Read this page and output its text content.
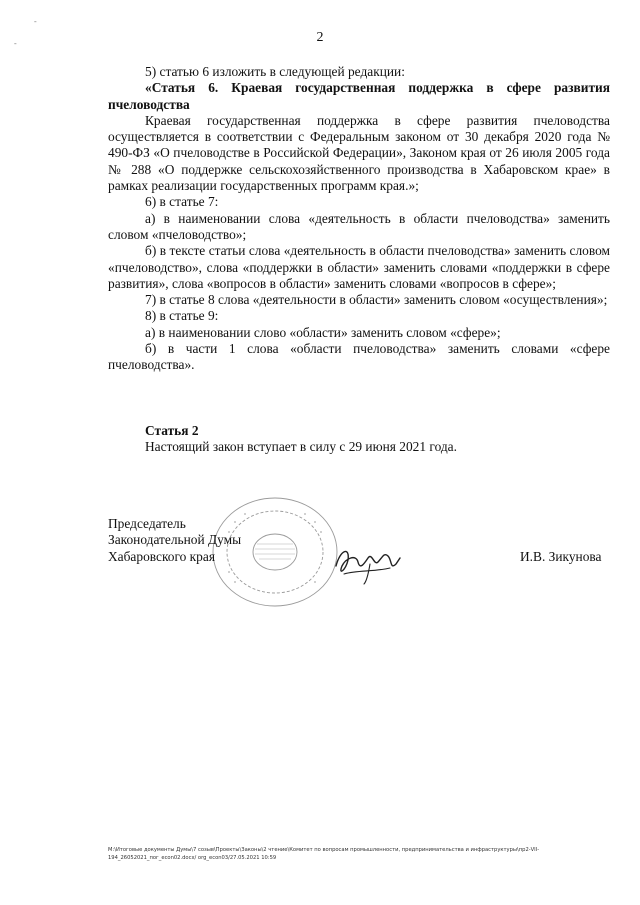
-
-	2

5) статью 6 изложить в следующей редакции:

«Статья 6. Краевая государственная поддержка в сфере развития пчеловодства

Краевая государственная поддержка в сфере развития пчеловодства осуществляется в соответствии с Федеральным законом от 30 декабря 2020 года № 490-ФЗ «О пчеловодстве в Российской Федерации», Законом края от 26 июля 2005 года № 288 «О поддержке сельскохозяйственного производства в Хабаровском крае» в рамках реализации государственных программ края.»;

6) в статье 7:

а) в наименовании слова «деятельность в области пчеловодства» заменить словом «пчеловодство»;

б) в тексте статьи слова «деятельность в области пчеловодства» заменить словом «пчеловодство», слова «поддержки в области» заменить словами «поддержки в сфере развития», слова «вопросов в области» заменить словами «вопросов в сфере»;

7) в статье 8 слова «деятельности в области» заменить словом «осуществления»;

8) в статье 9:

а) в наименовании слово «области» заменить словом «сфере»;

б) в части 1 слова «области пчеловодства» заменить словами «сфере пчеловодства».

Статья 2

Настоящий закон вступает в силу с 29 июня 2021 года.

Председатель
Законодательной Думы
Хабаровского края	И.В. Зикунова
M:\Итоговые документы Думы\7 созыв\Проекты\Законы\2 чтение\Комитет по вопросам промышленности, предпринимательства и инфраструктуры\пр2-VII-194_26052021_пог_econ02.docx/ org_econ03/27.05.2021 10:59
